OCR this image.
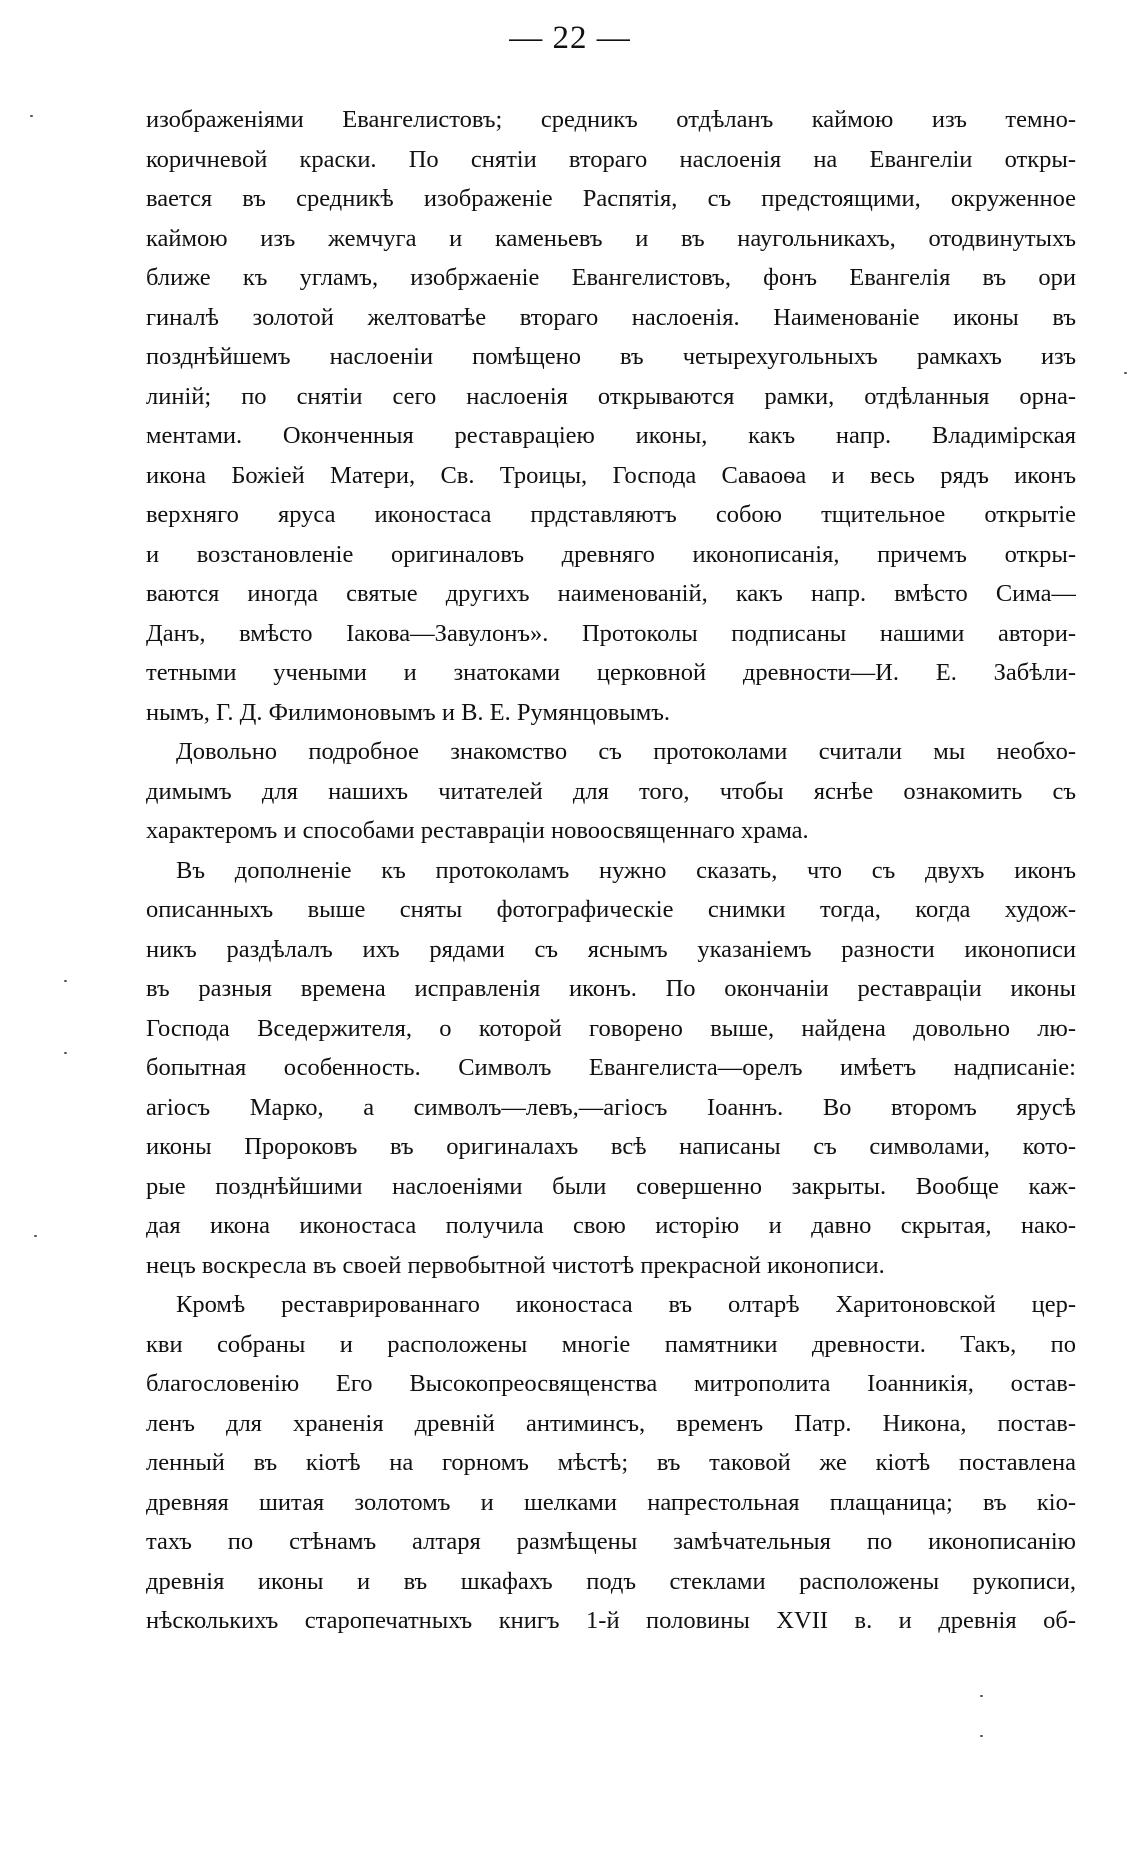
— 22 —
изображеніями Евангелистовъ; средникъ отдѣланъ каймою изъ темно-
коричневой краски. По снятіи втораго наслоенія на Евангеліи откры-
вается въ средникѣ изображеніе Распятія, съ предстоящими, окруженное
каймою изъ жемчуга и каменьевъ и въ наугольникахъ, отодвинутыхъ
ближе къ угламъ, изобржаеніе Евангелистовъ, фонъ Евангелія въ ори
гиналѣ золотой желтоватѣе втораго наслоенія. Наименованіе иконы въ
позднѣйшемъ наслоеніи помѣщено въ четырехугольныхъ рамкахъ изъ
линій; по снятіи сего наслоенія открываются рамки, отдѣланныя орна-
ментами. Оконченныя реставраціею иконы, какъ напр. Владимірская
икона Божіей Матери, Св. Троицы, Господа Саваоѳа и весь рядъ иконъ
верхняго яруса иконостаса прдставляютъ собою тщительное открытіе
и возстановленіе оригиналовъ древняго иконописанія, причемъ откры-
ваются иногда святые другихъ наименованій, какъ напр. вмѣсто Сима—
Данъ, вмѣсто Іакова—Завулонъ». Протоколы подписаны нашими автори-
тетными учеными и знатоками церковной древности—И. Е. Забѣли-
нымъ, Г. Д. Филимоновымъ и В. Е. Румянцовымъ.
Довольно подробное знакомство съ протоколами считали мы необхо-
димымъ для нашихъ читателей для того, чтобы яснѣе ознакомить съ
характеромъ и способами реставраціи новоосвященнаго храма.
Въ дополненіе къ протоколамъ нужно сказать, что съ двухъ иконъ
описанныхъ выше сняты фотографическіе снимки тогда, когда худож-
никъ раздѣлалъ ихъ рядами съ яснымъ указаніемъ разности иконописи
въ разныя времена исправленія иконъ. По окончаніи реставраціи иконы
Господа Вседержителя, о которой говорено выше, найдена довольно лю-
бопытная особенность. Символъ Евангелиста—орелъ имѣетъ надписаніе:
агіосъ Марко, а символъ—левъ,—агіосъ Іоаннъ. Во второмъ ярусѣ
иконы Пророковъ въ оригиналахъ всѣ написаны съ символами, кото-
рые позднѣйшими наслоеніями были совершенно закрыты. Вообще каж-
дая икона иконостаса получила свою исторію и давно скрытая, нако-
нецъ воскресла въ своей первобытной чистотѣ прекрасной иконописи.
Кромѣ реставрированнаго иконостаса въ олтарѣ Харитоновской цер-
кви собраны и расположены многіе памятники древности. Такъ, по
благословенію Его Высокопреосвященства митрополита Іоанникія, остав-
ленъ для храненія древній антиминсъ, временъ Патр. Никона, постав-
ленный въ кіотѣ на горномъ мѣстѣ; въ таковой же кіотѣ поставлена
древняя шитая золотомъ и шелками напрестольная плащаница; въ кіо-
тахъ по стѣнамъ алтаря размѣщены замѣчательныя по иконописанію
древнія иконы и въ шкафахъ подъ стеклами расположены рукописи,
нѣсколькихъ старопечатныхъ книгъ 1-й половины XVII в. и древнія об-
